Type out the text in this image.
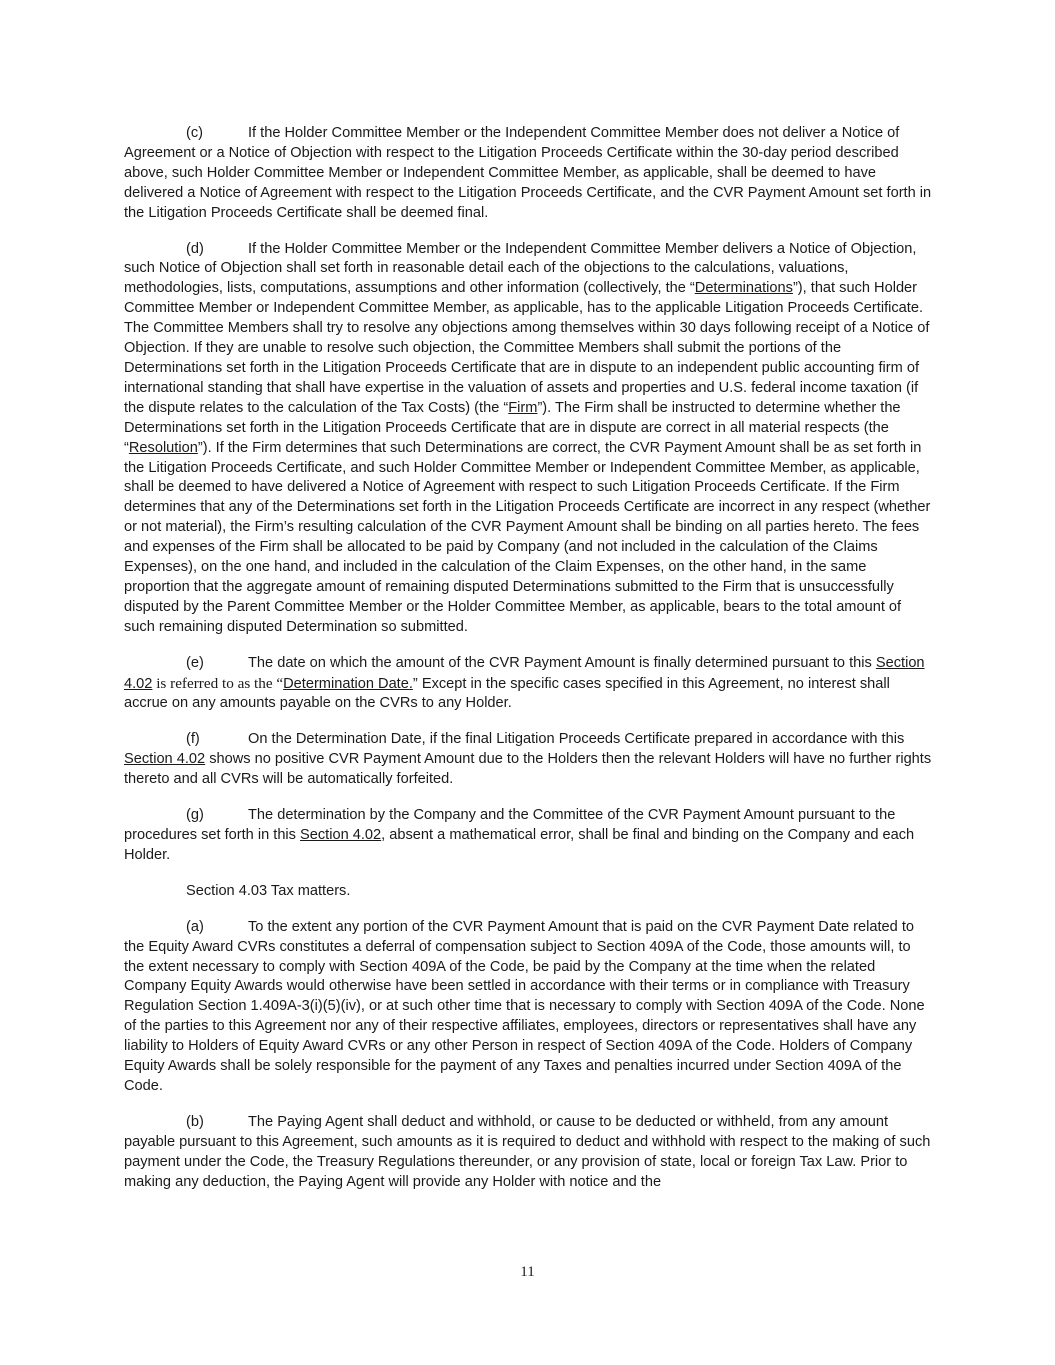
(c)	If the Holder Committee Member or the Independent Committee Member does not deliver a Notice of Agreement or a Notice of Objection with respect to the Litigation Proceeds Certificate within the 30-day period described above, such Holder Committee Member or Independent Committee Member, as applicable, shall be deemed to have delivered a Notice of Agreement with respect to the Litigation Proceeds Certificate, and the CVR Payment Amount set forth in the Litigation Proceeds Certificate shall be deemed final.

(d)	If the Holder Committee Member or the Independent Committee Member delivers a Notice of Objection, such Notice of Objection shall set forth in reasonable detail each of the objections to the calculations, valuations, methodologies, lists, computations, assumptions and other information (collectively, the “Determinations”), that such Holder Committee Member or Independent Committee Member, as applicable, has to the applicable Litigation Proceeds Certificate. The Committee Members shall try to resolve any objections among themselves within 30 days following receipt of a Notice of Objection. If they are unable to resolve such objection, the Committee Members shall submit the portions of the Determinations set forth in the Litigation Proceeds Certificate that are in dispute to an independent public accounting firm of international standing that shall have expertise in the valuation of assets and properties and U.S. federal income taxation (if the dispute relates to the calculation of the Tax Costs) (the “Firm”). The Firm shall be instructed to determine whether the Determinations set forth in the Litigation Proceeds Certificate that are in dispute are correct in all material respects (the “Resolution”). If the Firm determines that such Determinations are correct, the CVR Payment Amount shall be as set forth in the Litigation Proceeds Certificate, and such Holder Committee Member or Independent Committee Member, as applicable, shall be deemed to have delivered a Notice of Agreement with respect to such Litigation Proceeds Certificate. If the Firm determines that any of the Determinations set forth in the Litigation Proceeds Certificate are incorrect in any respect (whether or not material), the Firm’s resulting calculation of the CVR Payment Amount shall be binding on all parties hereto. The fees and expenses of the Firm shall be allocated to be paid by Company (and not included in the calculation of the Claims Expenses), on the one hand, and included in the calculation of the Claim Expenses, on the other hand, in the same proportion that the aggregate amount of remaining disputed Determinations submitted to the Firm that is unsuccessfully disputed by the Parent Committee Member or the Holder Committee Member, as applicable, bears to the total amount of such remaining disputed Determination so submitted.

(e)	The date on which the amount of the CVR Payment Amount is finally determined pursuant to this Section 4.02 is referred to as the “Determination Date.” Except in the specific cases specified in this Agreement, no interest shall accrue on any amounts payable on the CVRs to any Holder.

(f)	On the Determination Date, if the final Litigation Proceeds Certificate prepared in accordance with this Section 4.02 shows no positive CVR Payment Amount due to the Holders then the relevant Holders will have no further rights thereto and all CVRs will be automatically forfeited.

(g)	The determination by the Company and the Committee of the CVR Payment Amount pursuant to the procedures set forth in this Section 4.02, absent a mathematical error, shall be final and binding on the Company and each Holder.

Section 4.03 Tax matters.

(a)	To the extent any portion of the CVR Payment Amount that is paid on the CVR Payment Date related to the Equity Award CVRs constitutes a deferral of compensation subject to Section 409A of the Code, those amounts will, to the extent necessary to comply with Section 409A of the Code, be paid by the Company at the time when the related Company Equity Awards would otherwise have been settled in accordance with their terms or in compliance with Treasury Regulation Section 1.409A-3(i)(5)(iv), or at such other time that is necessary to comply with Section 409A of the Code. None of the parties to this Agreement nor any of their respective affiliates, employees, directors or representatives shall have any liability to Holders of Equity Award CVRs or any other Person in respect of Section 409A of the Code. Holders of Company Equity Awards shall be solely responsible for the payment of any Taxes and penalties incurred under Section 409A of the Code.

(b)	The Paying Agent shall deduct and withhold, or cause to be deducted or withheld, from any amount payable pursuant to this Agreement, such amounts as it is required to deduct and withhold with respect to the making of such payment under the Code, the Treasury Regulations thereunder, or any provision of state, local or foreign Tax Law. Prior to making any deduction, the Paying Agent will provide any Holder with notice and the

11
